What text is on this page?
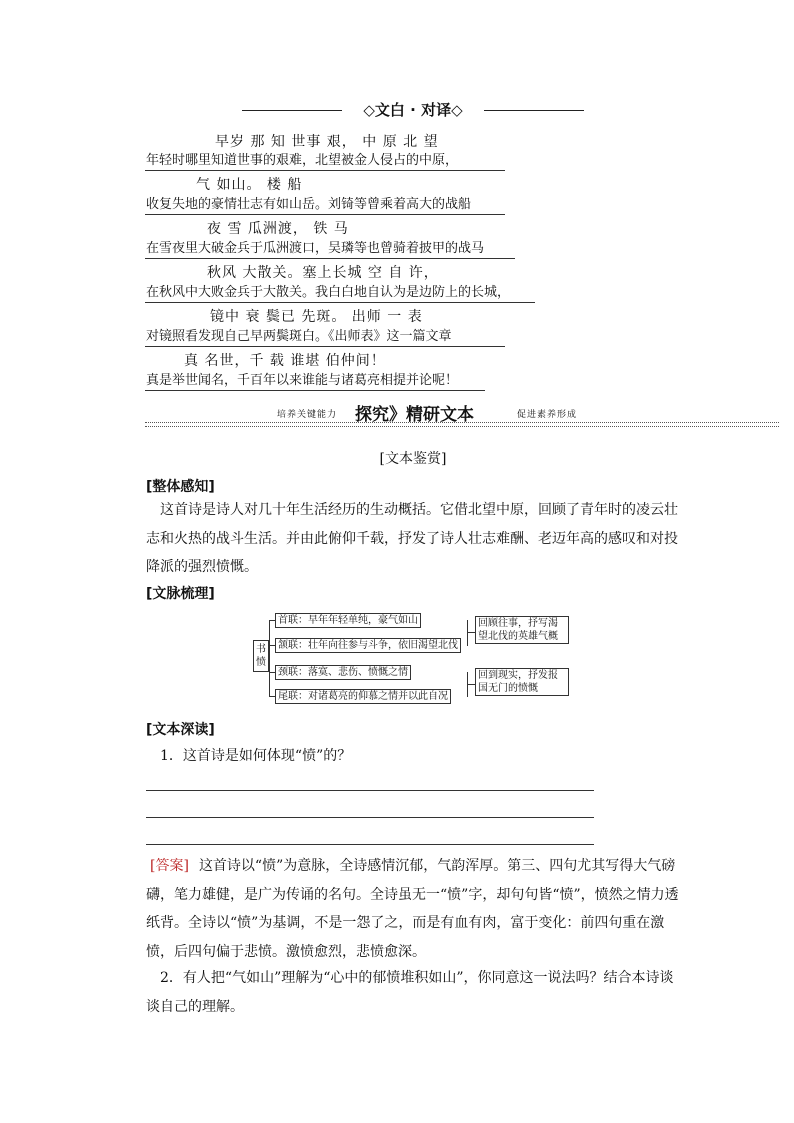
◇文白 · 对译◇
早岁 那 知 世事 艰， 中 原 北 望
年轻时哪里知道世事的艰难，北望被金人侵占的中原，
气 如山。 楼 船
收复失地的豪情壮志有如山岳。刘锜等曾乘着高大的战船
夜 雪 瓜洲渡， 铁 马
在雪夜里大破金兵于瓜洲渡口，吴璘等也曾骑着披甲的战马
秋风 大散关。塞上长城 空 自 许，
在秋风中大败金兵于大散关。我白白地自认为是边防上的长城，
镜中 衰 鬓已 先斑。 出师 一 表
对镜照看发现自己早两鬓斑白。《出师表》这一篇文章
真 名世，千 载 谁堪 伯仲间！
真是举世闻名，千百年以来谁能与诸葛亮相提并论呢！
培养关键能力 探究》精研文本	促进素养形成
[文本鉴赏]
[整体感知]
这首诗是诗人对几十年生活经历的生动概括。它借北望中原，回顾了青年时的凌云壮志和火热的战斗生活。并由此俯仰千载，抒发了诗人壮志难酬、老迈年高的感叹和对投降派的强烈愤慨。
[文脉梳理]
书愤
首联：早年年轻单纯，豪气如山
颔联：壮年向往参与斗争，依旧渴望北伐
颈联：落寞、悲伤、愤慨之情
尾联：对诸葛亮的仰慕之情并以此自况
回顾往事，抒写渴望北伐的英雄气概
回到现实，抒发报国无门的愤慨
[文本深读]
1．这首诗是如何体现“愤”的？
[答案] 这首诗以“愤”为意脉，全诗感情沉郁，气韵浑厚。第三、四句尤其写得大气磅礴，笔力雄健，是广为传诵的名句。全诗虽无一“愤”字，却句句皆“愤”，愤然之情力透纸背。全诗以“愤”为基调，不是一怨了之，而是有血有肉，富于变化：前四句重在激愤，后四句偏于悲愤。激愤愈烈，悲愤愈深。
2．有人把“气如山”理解为“心中的郁愤堆积如山”，你同意这一说法吗？结合本诗谈谈自己的理解。
